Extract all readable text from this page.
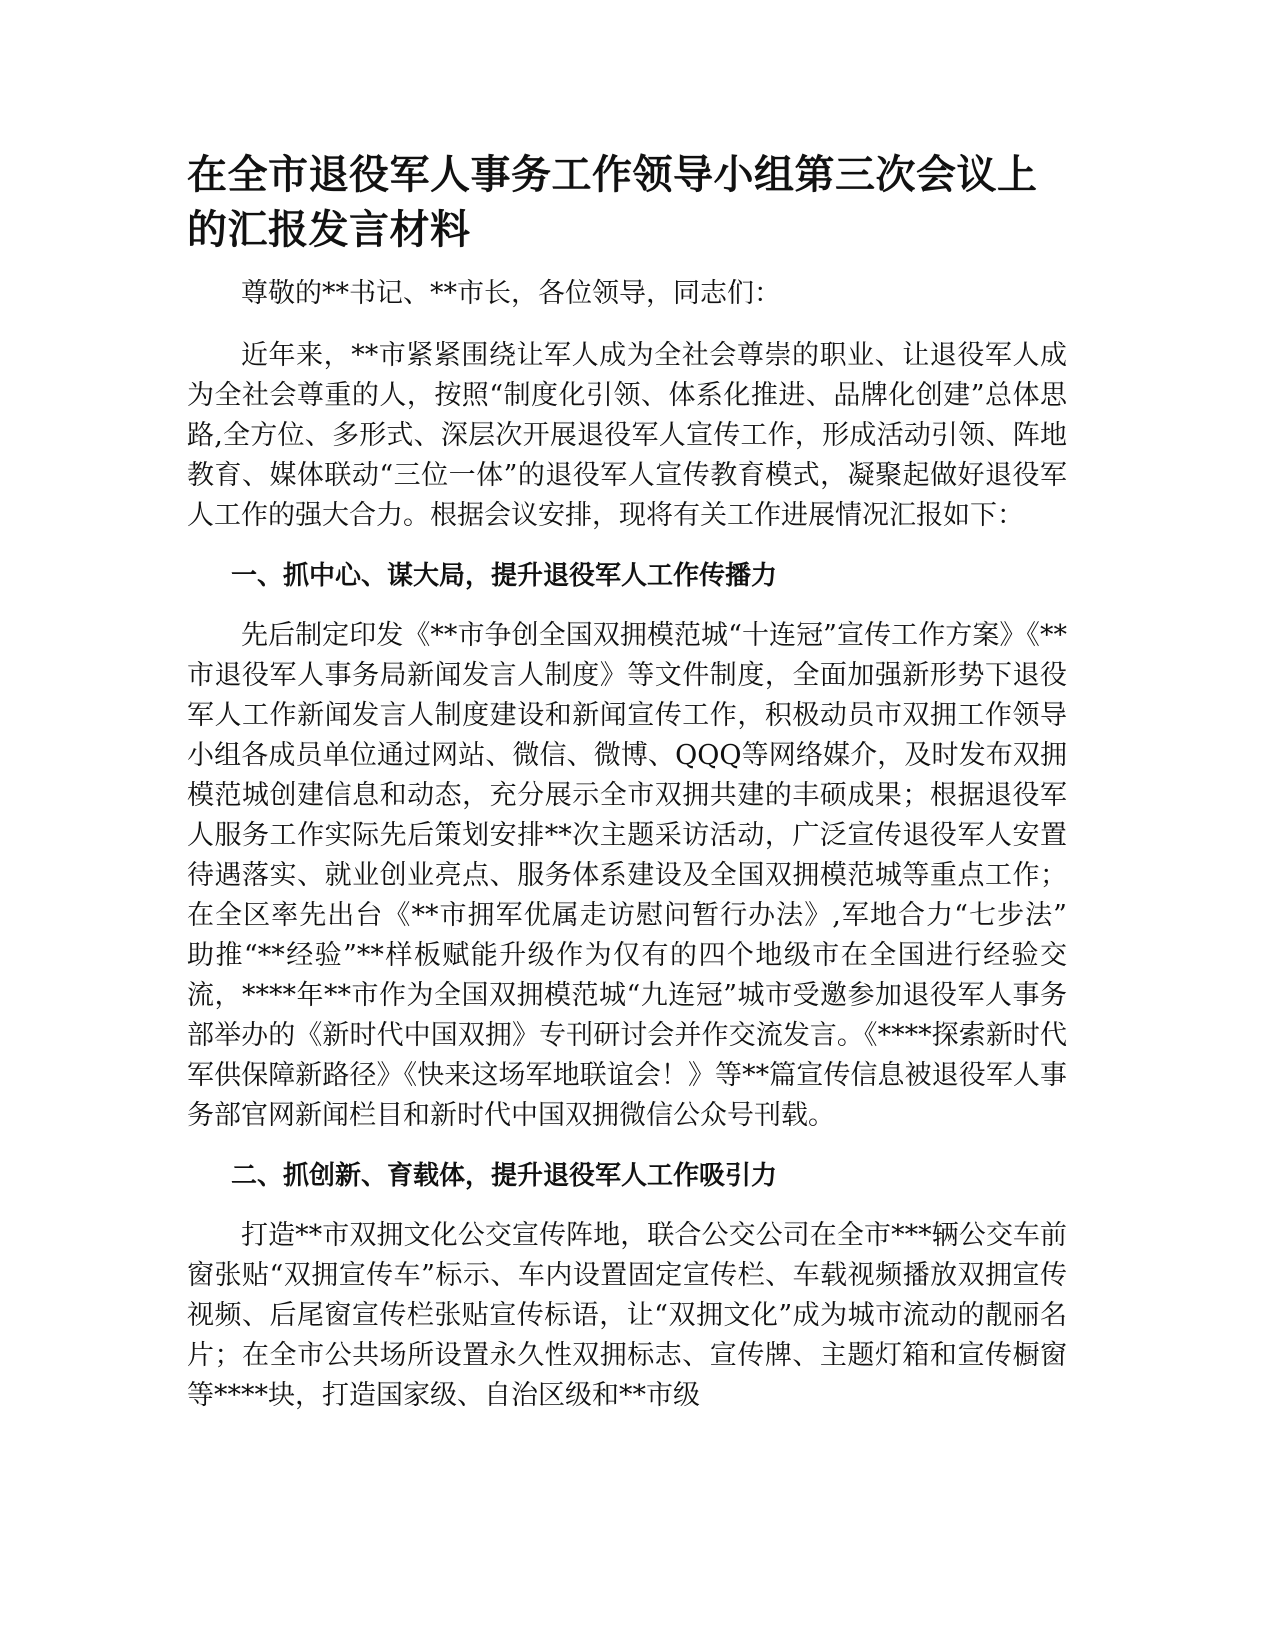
在全市退役军人事务工作领导小组第三次会议上的汇报发言材料

尊敬的**书记、**市长，各位领导，同志们：

近年来，**市紧紧围绕让军人成为全社会尊崇的职业、让退役军人成为全社会尊重的人，按照“制度化引领、体系化推进、品牌化创建”总体思路,全方位、多形式、深层次开展退役军人宣传工作，形成活动引领、阵地教育、媒体联动“三位一体”的退役军人宣传教育模式，凝聚起做好退役军人工作的强大合力。根据会议安排，现将有关工作进展情况汇报如下：

一、抓中心、谋大局，提升退役军人工作传播力

先后制定印发《**市争创全国双拥模范城“十连冠”宣传工作方案》《**市退役军人事务局新闻发言人制度》等文件制度，全面加强新形势下退役军人工作新闻发言人制度建设和新闻宣传工作，积极动员市双拥工作领导小组各成员单位通过网站、微信、微博、QQQ等网络媒介，及时发布双拥模范城创建信息和动态，充分展示全市双拥共建的丰硕成果；根据退役军人服务工作实际先后策划安排**次主题采访活动，广泛宣传退役军人安置待遇落实、就业创业亮点、服务体系建设及全国双拥模范城等重点工作；在全区率先出台《**市拥军优属走访慰问暂行办法》,军地合力“七步法” 助推“**经验”**样板赋能升级作为仅有的四个地级市在全国进行经验交流，****年**市作为全国双拥模范城“九连冠”城市受邀参加退役军人事务部举办的《新时代中国双拥》专刊研讨会并作交流发言。《****探索新时代军供保障新路径》《快来这场军地联谊会！》等**篇宣传信息被退役军人事务部官网新闻栏目和新时代中国双拥微信公众号刊载。

二、抓创新、育载体，提升退役军人工作吸引力

打造**市双拥文化公交宣传阵地，联合公交公司在全市***辆公交车前窗张贴“双拥宣传车”标示、车内设置固定宣传栏、车载视频播放双拥宣传视频、后尾窗宣传栏张贴宣传标语，让“双拥文化”成为城市流动的靓丽名片；在全市公共场所设置永久性双拥标志、宣传牌、主题灯箱和宣传橱窗等****块，打造国家级、自治区级和**市级
